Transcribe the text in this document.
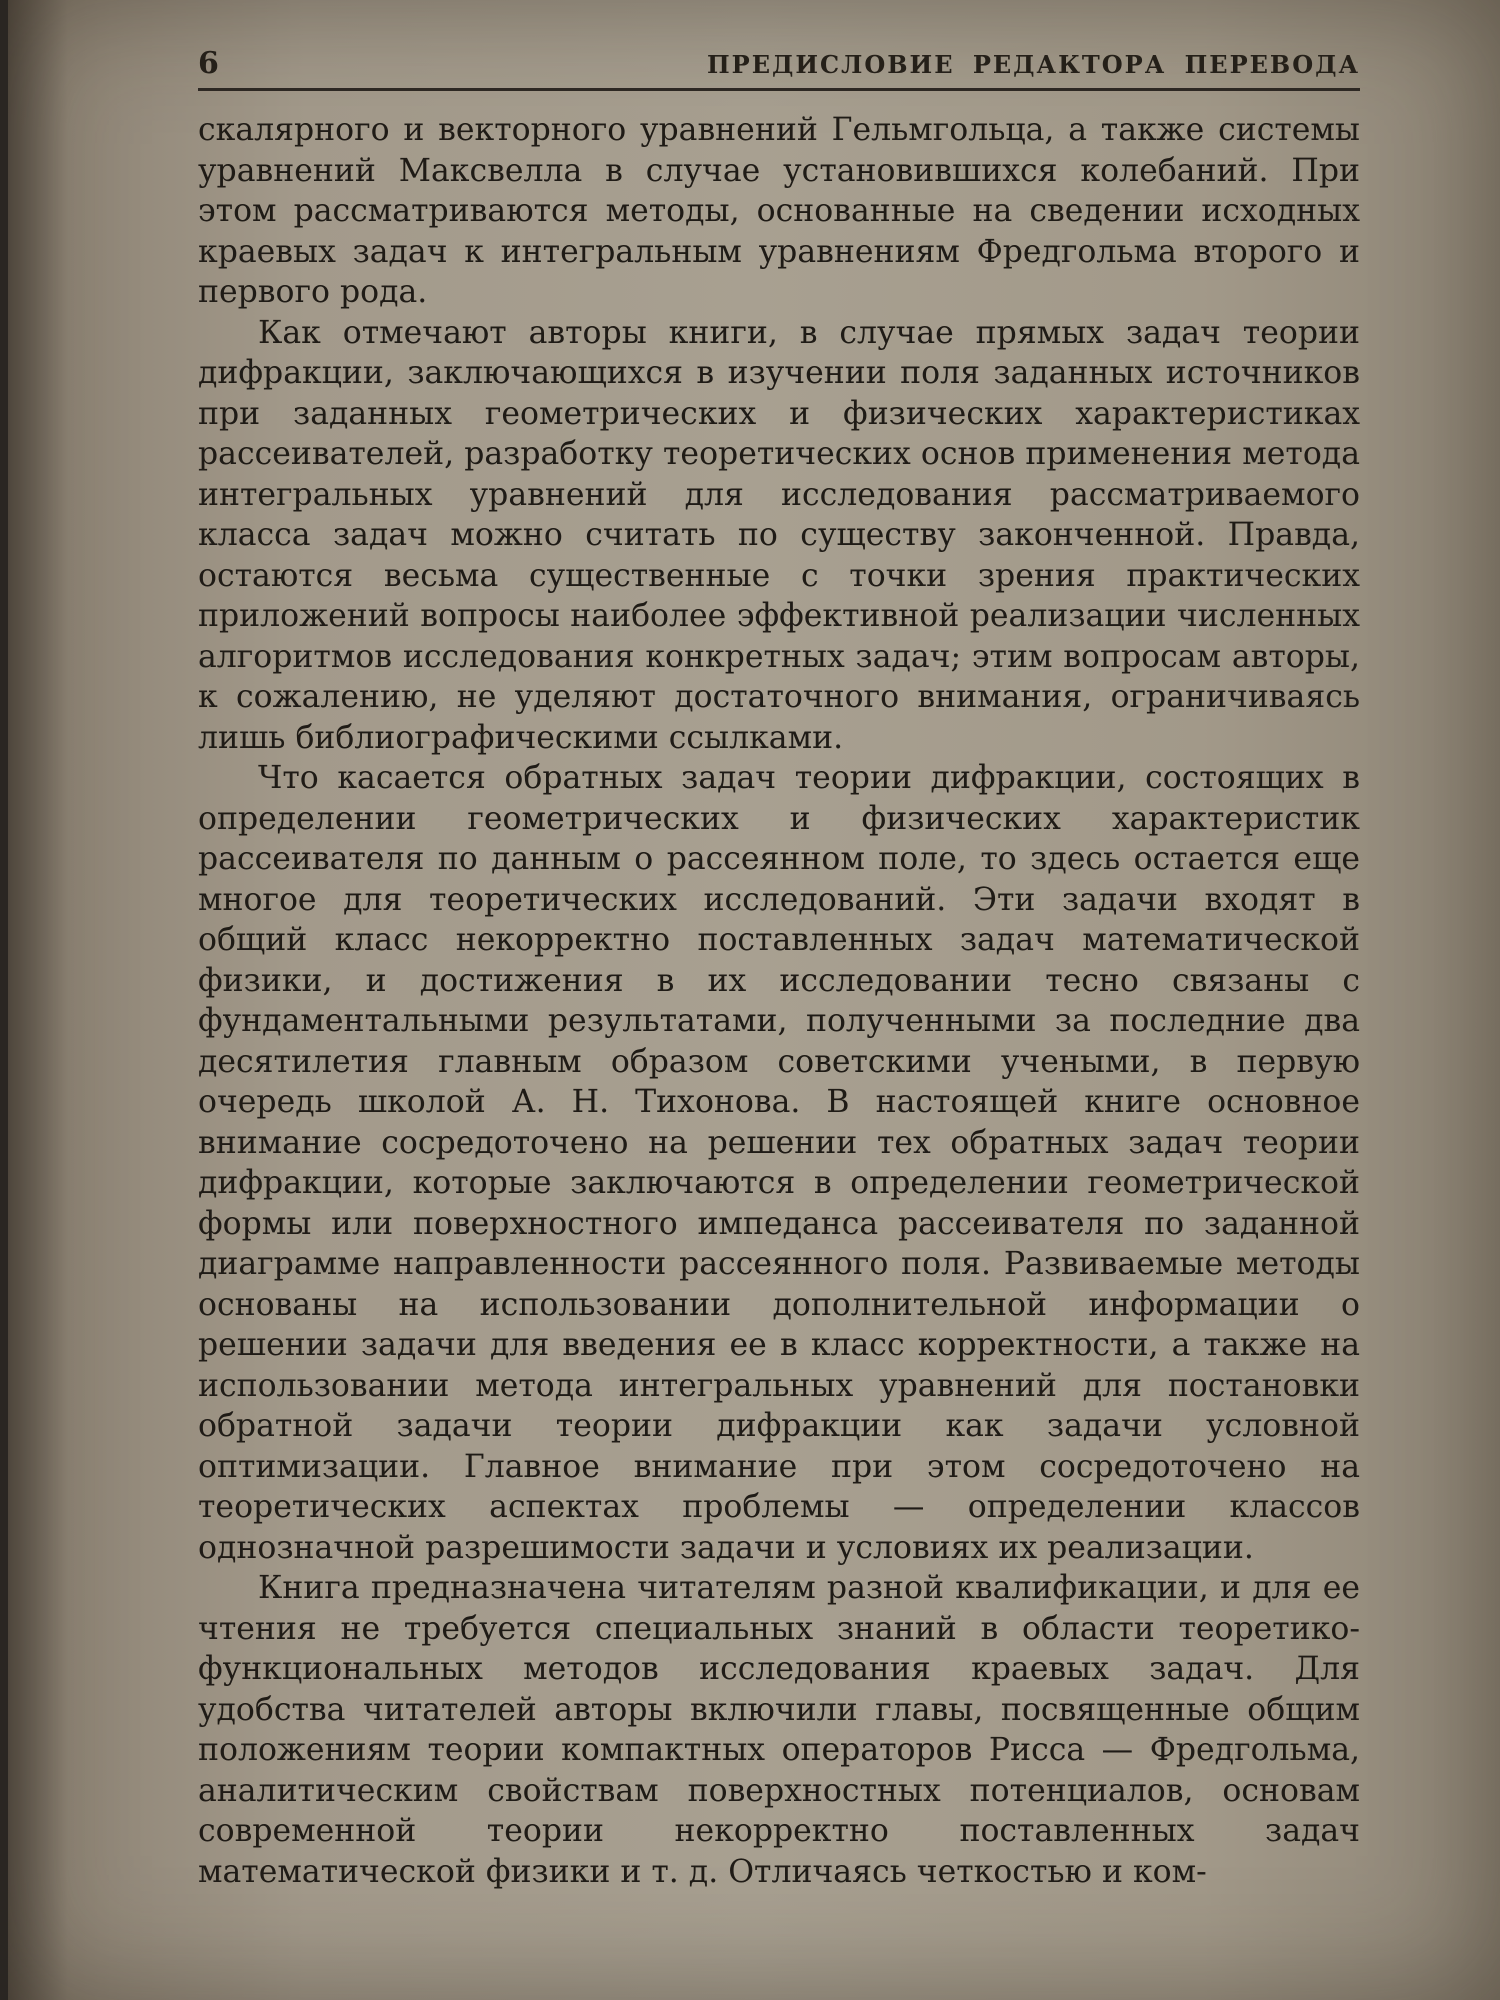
6	ПРЕДИСЛОВИЕ РЕДАКТОРА ПЕРЕВОДА

скалярного и векторного уравнений Гельмгольца, а также системы уравнений Максвелла в случае установившихся колебаний. При этом рассматриваются методы, основанные на сведении исходных краевых задач к интегральным уравнениям Фредгольма второго и первого рода.

Как отмечают авторы книги, в случае прямых задач теории дифракции, заключающихся в изучении поля заданных источников при заданных геометрических и физических характеристиках рассеивателей, разработку теоретических основ применения метода интегральных уравнений для исследования рассматриваемого класса задач можно считать по существу законченной. Правда, остаются весьма существенные с точки зрения практических приложений вопросы наиболее эффективной реализации численных алгоритмов исследования конкретных задач; этим вопросам авторы, к сожалению, не уделяют достаточного внимания, ограничиваясь лишь библиографическими ссылками.

Что касается обратных задач теории дифракции, состоящих в определении геометрических и физических характеристик рассеивателя по данным о рассеянном поле, то здесь остается еще многое для теоретических исследований. Эти задачи входят в общий класс некорректно поставленных задач математической физики, и достижения в их исследовании тесно связаны с фундаментальными результатами, полученными за последние два десятилетия главным образом советскими учеными, в первую очередь школой А. Н. Тихонова. В настоящей книге основное внимание сосредоточено на решении тех обратных задач теории дифракции, которые заключаются в определении геометрической формы или поверхностного импеданса рассеивателя по заданной диаграмме направленности рассеянного поля. Развиваемые методы основаны на использовании дополнительной информации о решении задачи для введения ее в класс корректности, а также на использовании метода интегральных уравнений для постановки обратной задачи теории дифракции как задачи условной оптимизации. Главное внимание при этом сосредоточено на теоретических аспектах проблемы — определении классов однозначной разрешимости задачи и условиях их реализации.

Книга предназначена читателям разной квалификации, и для ее чтения не требуется специальных знаний в области теоретико-функциональных методов исследования краевых задач. Для удобства читателей авторы включили главы, посвященные общим положениям теории компактных операторов Рисса — Фредгольма, аналитическим свойствам поверхностных потенциалов, основам современной теории некорректно поставленных задач математической физики и т. д. Отличаясь четкостью и ком-
